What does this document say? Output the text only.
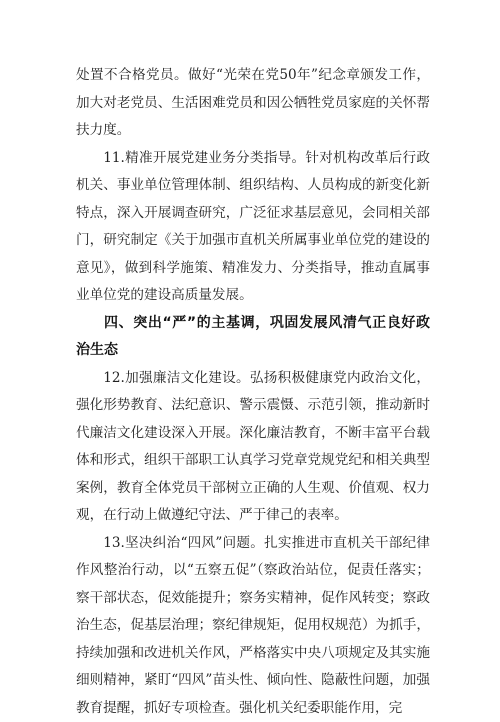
处置不合格党员。做好“光荣在党50年”纪念章颁发工作，加大对老党员、生活困难党员和因公牺牲党员家庭的关怀帮扶力度。

11.精准开展党建业务分类指导。针对机构改革后行政机关、事业单位管理体制、组织结构、人员构成的新变化新特点，深入开展调查研究，广泛征求基层意见，会同相关部门，研究制定《关于加强市直机关所属事业单位党的建设的意见》，做到科学施策、精准发力、分类指导，推动直属事业单位党的建设高质量发展。

四、突出“严”的主基调，巩固发展风清气正良好政治生态

12.加强廉洁文化建设。弘扬积极健康党内政治文化，强化形势教育、法纪意识、警示震慑、示范引领，推动新时代廉洁文化建设深入开展。深化廉洁教育，不断丰富平台载体和形式，组织干部职工认真学习党章党规党纪和相关典型案例，教育全体党员干部树立正确的人生观、价值观、权力观，在行动上做遵纪守法、严于律己的表率。

13.坚决纠治“四风”问题。扎实推进市直机关干部纪律作风整治行动，以“五察五促”（察政治站位，促责任落实；察干部状态，促效能提升；察务实精神，促作风转变；察政治生态，促基层治理；察纪律规矩，促用权规范）为抓手，持续加强和改进机关作风，严格落实中央八项规定及其实施细则精神，紧盯“四风”苗头性、倾向性、隐蔽性问题，加强教育提醒，抓好专项检查。强化机关纪委职能作用，完
